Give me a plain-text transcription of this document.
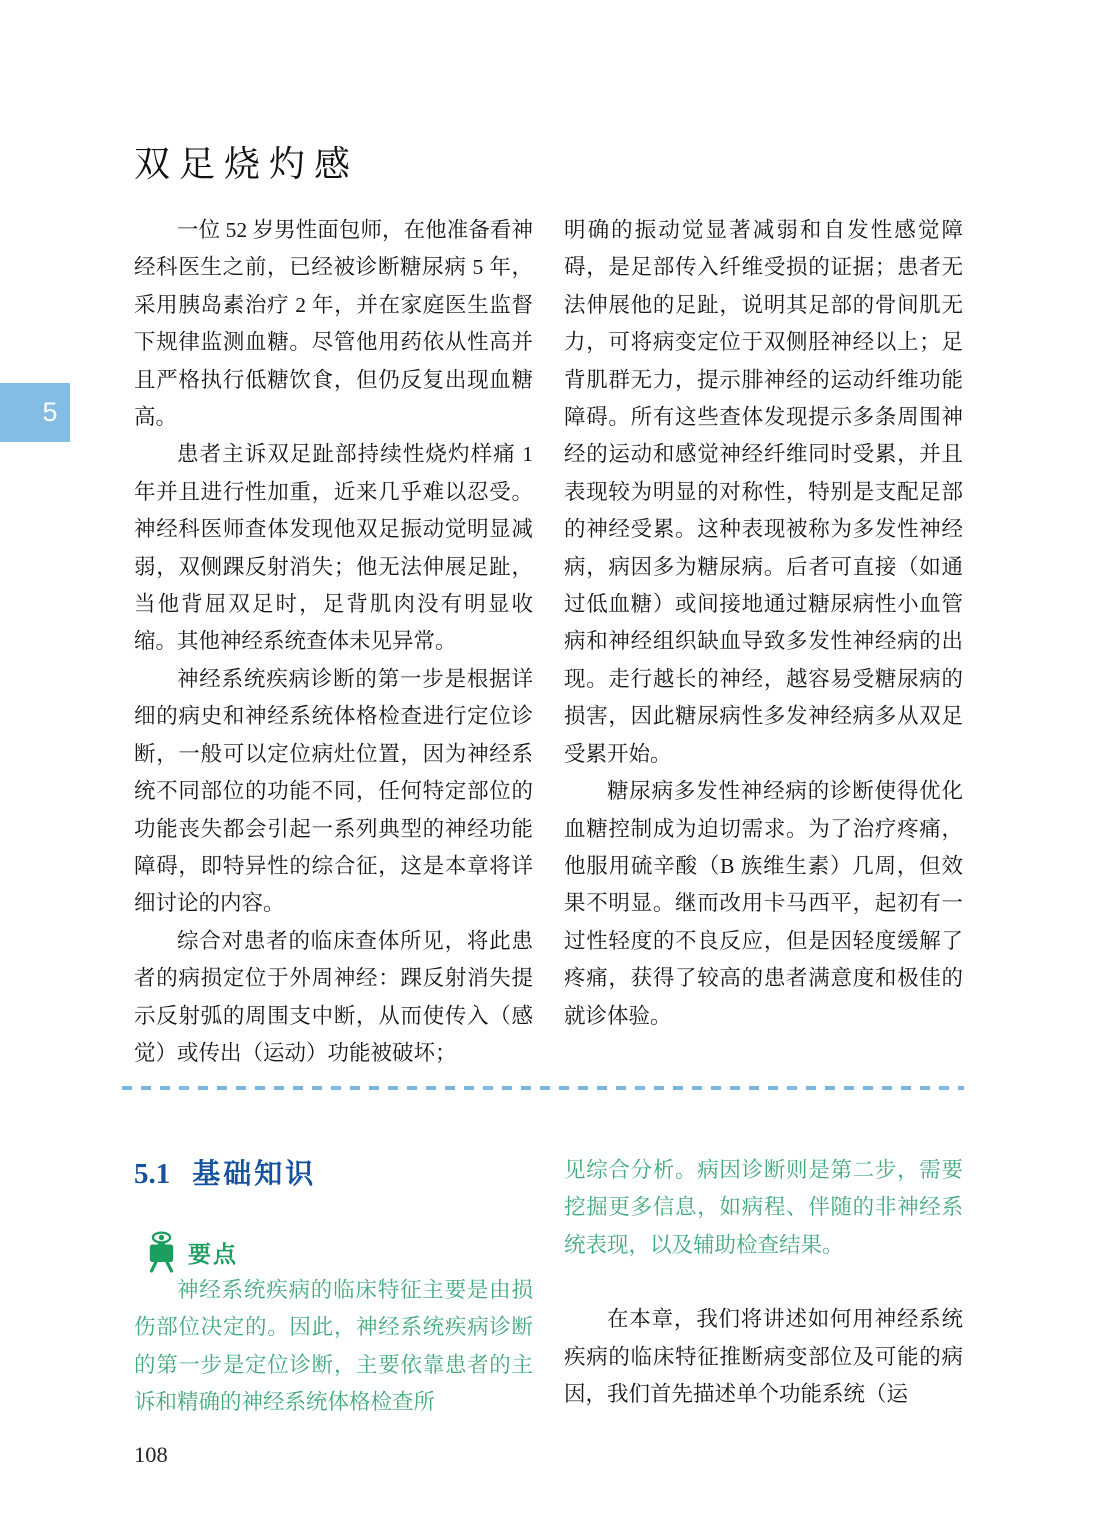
5
双足烧灼感

一位 52 岁男性面包师，在他准备看神经科医生之前，已经被诊断糖尿病 5 年，采用胰岛素治疗 2 年，并在家庭医生监督下规律监测血糖。尽管他用药依从性高并且严格执行低糖饮食，但仍反复出现血糖高。

患者主诉双足趾部持续性烧灼样痛 1 年并且进行性加重，近来几乎难以忍受。神经科医师查体发现他双足振动觉明显减弱，双侧踝反射消失；他无法伸展足趾，当他背屈双足时，足背肌肉没有明显收缩。其他神经系统查体未见异常。

神经系统疾病诊断的第一步是根据详细的病史和神经系统体格检查进行定位诊断，一般可以定位病灶位置，因为神经系统不同部位的功能不同，任何特定部位的功能丧失都会引起一系列典型的神经功能障碍，即特异性的综合征，这是本章将详细讨论的内容。

综合对患者的临床查体所见，将此患者的病损定位于外周神经：踝反射消失提示反射弧的周围支中断，从而使传入（感觉）或传出（运动）功能被破坏；

明确的振动觉显著减弱和自发性感觉障碍，是足部传入纤维受损的证据；患者无法伸展他的足趾，说明其足部的骨间肌无力，可将病变定位于双侧胫神经以上；足背肌群无力，提示腓神经的运动纤维功能障碍。所有这些查体发现提示多条周围神经的运动和感觉神经纤维同时受累，并且表现较为明显的对称性，特别是支配足部的神经受累。这种表现被称为多发性神经病，病因多为糖尿病。后者可直接（如通过低血糖）或间接地通过糖尿病性小血管病和神经组织缺血导致多发性神经病的出现。走行越长的神经，越容易受糖尿病的损害，因此糖尿病性多发神经病多从双足受累开始。

糖尿病多发性神经病的诊断使得优化血糖控制成为迫切需求。为了治疗疼痛，他服用硫辛酸（B 族维生素）几周，但效果不明显。继而改用卡马西平，起初有一过性轻度的不良反应，但是因轻度缓解了疼痛，获得了较高的患者满意度和极佳的就诊体验。

5.1 基础知识
要点

神经系统疾病的临床特征主要是由损伤部位决定的。因此，神经系统疾病诊断的第一步是定位诊断，主要依靠患者的主诉和精确的神经系统体格检查所

见综合分析。病因诊断则是第二步，需要挖掘更多信息，如病程、伴随的非神经系统表现，以及辅助检查结果。

在本章，我们将讲述如何用神经系统疾病的临床特征推断病变部位及可能的病因，我们首先描述单个功能系统（运

108
